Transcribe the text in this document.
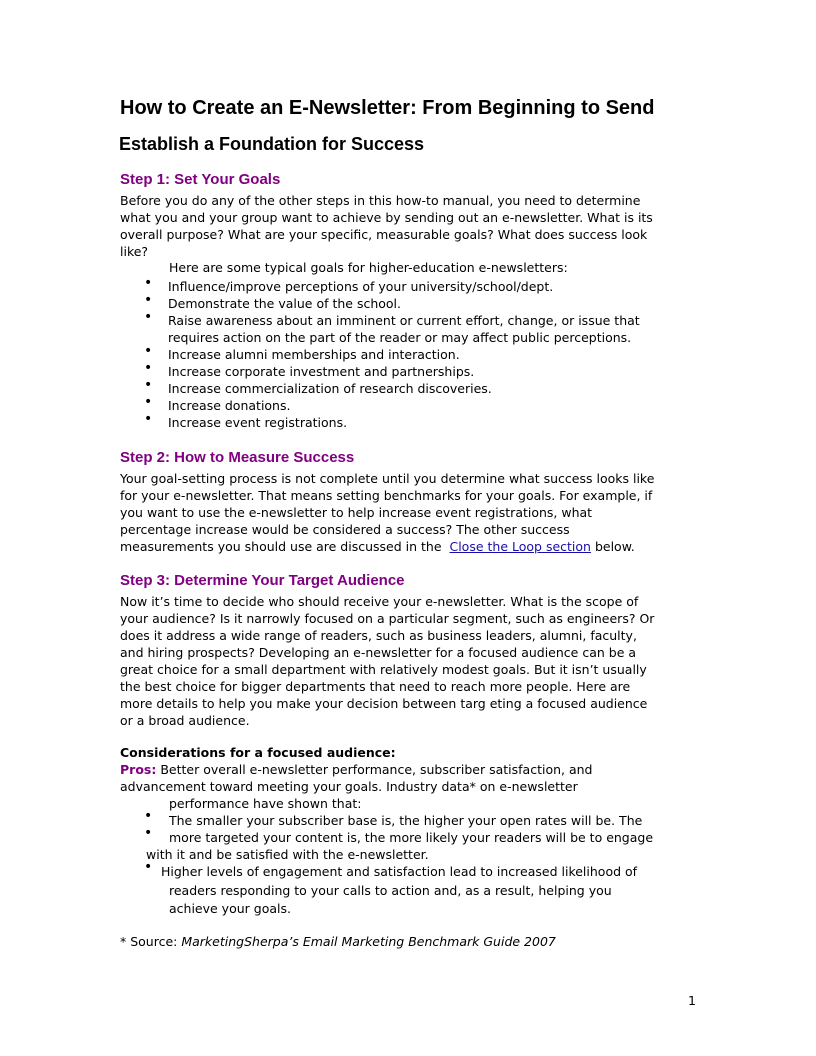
How to Create an E-Newsletter: From Beginning to Send
Establish a Foundation for Success

Step 1: Set Your Goals

Before you do any of the other steps in this how-to manual, you need to determine
what you and your group want to achieve by sending out an e-newsletter. What is its
overall purpose? What are your specific, measurable goals? What does success look
like?

Here are some typical goals for higher-education e-newsletters:

• Influence/improve perceptions of your university/school/dept.
• Demonstrate the value of the school.
• Raise awareness about an imminent or current effort, change, or issue that
requires action on the part of the reader or may affect public perceptions.
• Increase alumni memberships and interaction.
• Increase corporate investment and partnerships.
• Increase commercialization of research discoveries.
• Increase donations.
• Increase event registrations.

Step 2: How to Measure Success

Your goal-setting process is not complete until you determine what success looks like
for your e-newsletter. That means setting benchmarks for your goals. For example, if
you want to use the e-newsletter to help increase event registrations, what
percentage increase would be considered a success? The other success
measurements you should use are discussed in the Close the Loop section below.

Step 3: Determine Your Target Audience

Now it’s time to decide who should receive your e-newsletter. What is the scope of
your audience? Is it narrowly focused on a particular segment, such as engineers? Or
does it address a wide range of readers, such as business leaders, alumni, faculty,
and hiring prospects? Developing an e-newsletter for a focused audience can be a
great choice for a small department with relatively modest goals. But it isn’t usually
the best choice for bigger departments that need to reach more people. Here are
more details to help you make your decision between targ eting a focused audience
or a broad audience.

Considerations for a focused audience:

Pros: Better overall e-newsletter performance, subscriber satisfaction, and

advancement toward meeting your goals. Industry data* on e-newsletter

performance have shown that:

• The smaller your subscriber base is, the higher your open rates will be. The

• more targeted your content is, the more likely your readers will be to engage

with it and be satisfied with the e-newsletter.

• Higher levels of engagement and satisfaction lead to increased likelihood of

readers responding to your calls to action and, as a result, helping you

achieve your goals.

* Source: MarketingSherpa’s Email Marketing Benchmark Guide 2007

1
